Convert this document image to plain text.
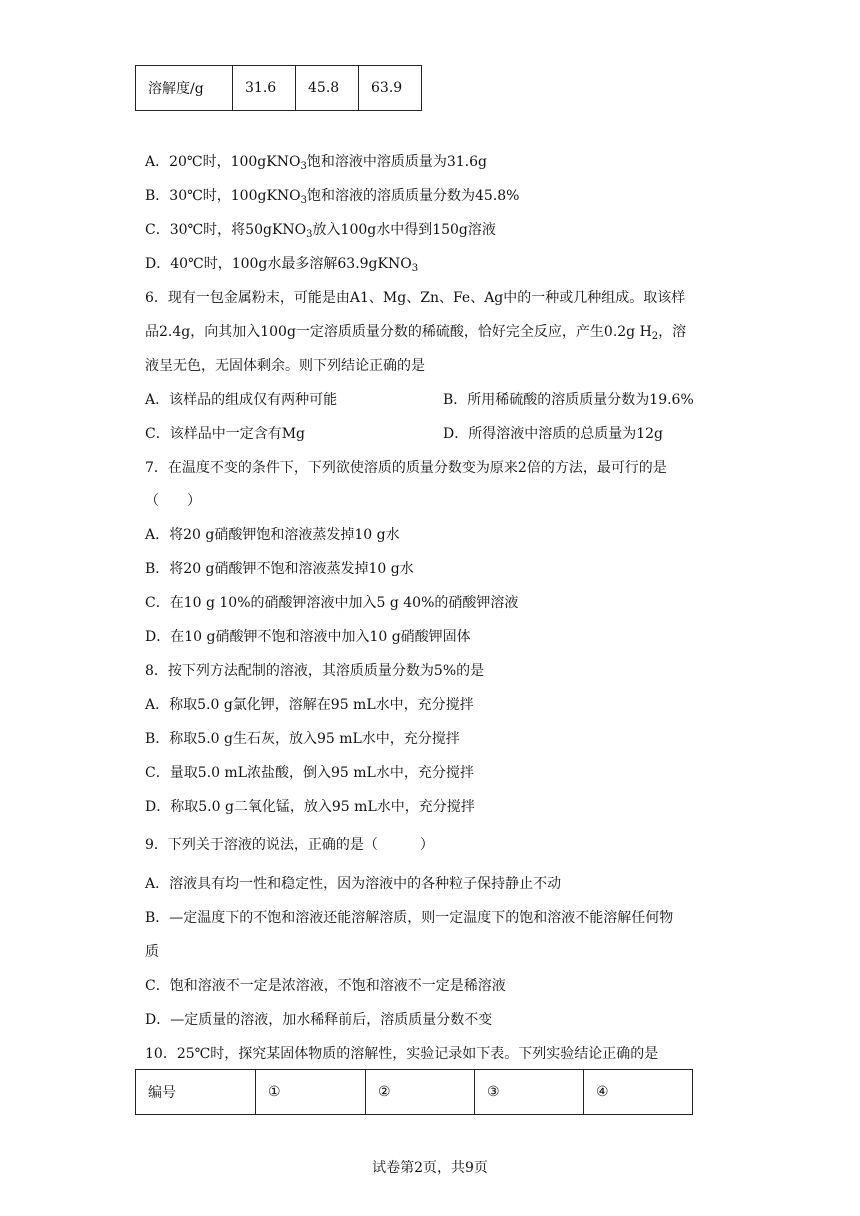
溶解度/g	31.6	45.8	63.9
A．20℃时，100gKNO$_3$饱和溶液中溶质质量为31.6g
B．30℃时，100gKNO$_3$饱和溶液的溶质质量分数为45.8%
C．30℃时，将50gKNO$_3$放入100g水中得到150g溶液
D．40℃时，100g水最多溶解63.9gKNO$_3$
6．现有一包金属粉末，可能是由A1、Mg、Zn、Fe、Ag中的一种或几种组成。取该样
品2.4g，向其加入100g一定溶质质量分数的稀硫酸，恰好完全反应，产生0.2g $H_2$，溶
液呈无色，无固体剩余。则下列结论正确的是
A．该样品的组成仅有两种可能	B．所用稀硫酸的溶质质量分数为19.6%
C．该样品中一定含有Mg	D．所得溶液中溶质的总质量为12g
7．在温度不变的条件下，下列欲使溶质的质量分数变为原来2倍的方法，最可行的是
（　　）
A．将20 g硝酸钾饱和溶液蒸发掉10 g水
B．将20 g硝酸钾不饱和溶液蒸发掉10 g水
C．在10 g 10%的硝酸钾溶液中加入5 g 40%的硝酸钾溶液
D．在10 g硝酸钾不饱和溶液中加入10 g硝酸钾固体
8．按下列方法配制的溶液，其溶质质量分数为5%的是
A．称取5.0 g氯化钾，溶解在95 mL水中，充分搅拌
B．称取5.0 g生石灰，放入95 mL水中，充分搅拌
C．量取5.0 mL浓盐酸，倒入95 mL水中，充分搅拌
D．称取5.0 g二氧化锰，放入95 mL水中，充分搅拌
9．下列关于溶液的说法，正确的是（　　　）
A．溶液具有均一性和稳定性，因为溶液中的各种粒子保持静止不动
B．—定温度下的不饱和溶液还能溶解溶质，则一定温度下的饱和溶液不能溶解任何物
质
C．饱和溶液不一定是浓溶液，不饱和溶液不一定是稀溶液
D．—定质量的溶液，加水稀释前后，溶质质量分数不变
10．25℃时，探究某固体物质的溶解性，实验记录如下表。下列实验结论正确的是
编号	①	②	③	④
试卷第2页，共9页
